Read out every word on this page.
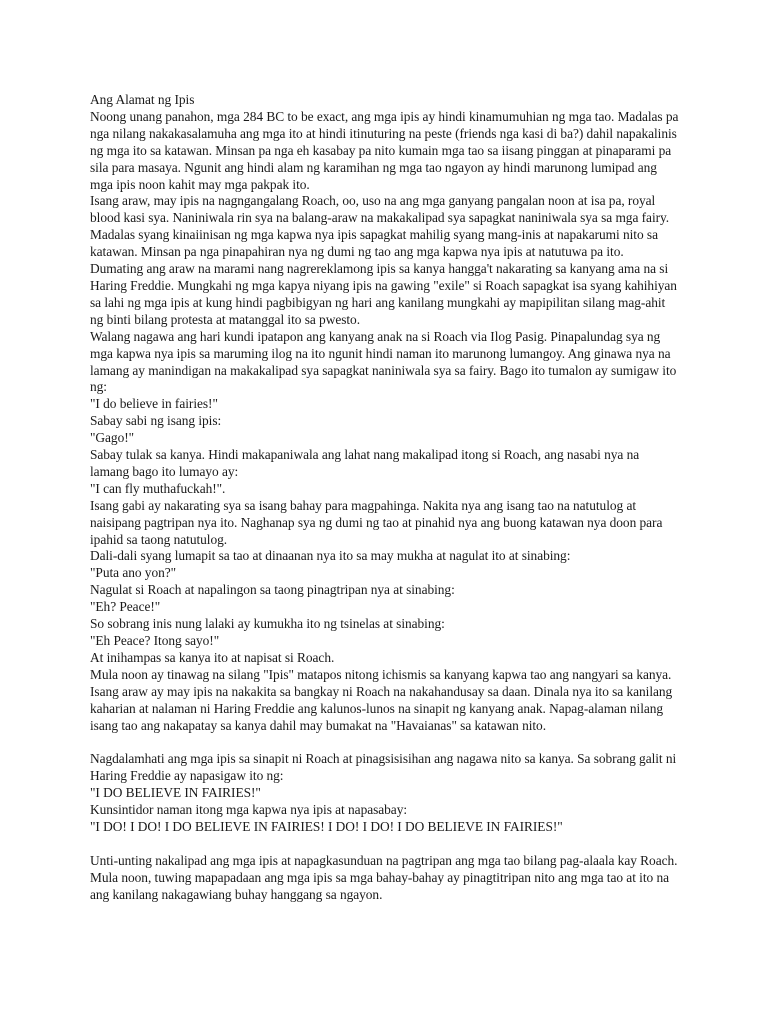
Ang Alamat ng Ipis

Noong unang panahon, mga 284 BC to be exact, ang mga ipis ay hindi kinamumuhian ng mga tao. Madalas pa nga nilang nakakasalamuha ang mga ito at hindi itinuturing na peste (friends nga kasi di ba?) dahil napakalinis ng mga ito sa katawan. Minsan pa nga eh kasabay pa nito kumain mga tao sa iisang pinggan at pinaparami pa sila para masaya. Ngunit ang hindi alam ng karamihan ng mga tao ngayon ay hindi marunong lumipad ang mga ipis noon kahit may mga pakpak ito.

Isang araw, may ipis na nagngangalang Roach, oo, uso na ang mga ganyang pangalan noon at isa pa, royal blood kasi sya. Naniniwala rin sya na balang-araw na makakalipad sya sapagkat naniniwala sya sa mga fairy. Madalas syang kinaiinisan ng mga kapwa nya ipis sapagkat mahilig syang mang-inis at napakarumi nito sa katawan. Minsan pa nga pinapahiran nya ng dumi ng tao ang mga kapwa nya ipis at natutuwa pa ito.

Dumating ang araw na marami nang nagrereklamong ipis sa kanya hangga't nakarating sa kanyang ama na si Haring Freddie. Mungkahi ng mga kapya niyang ipis na gawing "exile" si Roach sapagkat isa syang kahihiyan sa lahi ng mga ipis at kung hindi pagbibigyan ng hari ang kanilang mungkahi ay mapipilitan silang mag-ahit ng binti bilang protesta at matanggal ito sa pwesto.

Walang nagawa ang hari kundi ipatapon ang kanyang anak na si Roach via Ilog Pasig. Pinapalundag sya ng mga kapwa nya ipis sa maruming ilog na ito ngunit hindi naman ito marunong lumangoy. Ang ginawa nya na lamang ay manindigan na makakalipad sya sapagkat naniniwala sya sa fairy. Bago ito tumalon ay sumigaw ito ng:

"I do believe in fairies!"

Sabay sabi ng isang ipis:

"Gago!"

Sabay tulak sa kanya. Hindi makapaniwala ang lahat nang makalipad itong si Roach, ang nasabi nya na lamang bago ito lumayo ay:

"I can fly muthafuckah!".

Isang gabi ay nakarating sya sa isang bahay para magpahinga. Nakita nya ang isang tao na natutulog at naisipang pagtripan nya ito. Naghanap sya ng dumi ng tao at pinahid nya ang buong katawan nya doon para ipahid sa taong natutulog.

Dali-dali syang lumapit sa tao at dinaanan nya ito sa may mukha at nagulat ito at sinabing:

"Puta ano yon?"

Nagulat si Roach at napalingon sa taong pinagtripan nya at sinabing:

"Eh? Peace!"

So sobrang inis nung lalaki ay kumukha ito ng tsinelas at sinabing:

"Eh Peace? Itong sayo!"

At inihampas sa kanya ito at napisat si Roach.

Mula noon ay tinawag na silang "Ipis" matapos nitong ichismis sa kanyang kapwa tao ang nangyari sa kanya.

Isang araw ay may ipis na nakakita sa bangkay ni Roach na nakahandusay sa daan. Dinala nya ito sa kanilang kaharian at nalaman ni Haring Freddie ang kalunos-lunos na sinapit ng kanyang anak. Napag-alaman nilang isang tao ang nakapatay sa kanya dahil may bumakat na "Havaianas" sa katawan nito.

Nagdalamhati ang mga ipis sa sinapit ni Roach at pinagsisisihan ang nagawa nito sa kanya. Sa sobrang galit ni Haring Freddie ay napasigaw ito ng:

"I DO BELIEVE IN FAIRIES!"

Kunsintidor naman itong mga kapwa nya ipis at napasabay:

"I DO! I DO! I DO BELIEVE IN FAIRIES! I DO! I DO! I DO BELIEVE IN FAIRIES!"

Unti-unting nakalipad ang mga ipis at napagkasunduan na pagtripan ang mga tao bilang pag-alaala kay Roach. Mula noon, tuwing mapapadaan ang mga ipis sa mga bahay-bahay ay pinagtitripan nito ang mga tao at ito na ang kanilang nakagawiang buhay hanggang sa ngayon.
